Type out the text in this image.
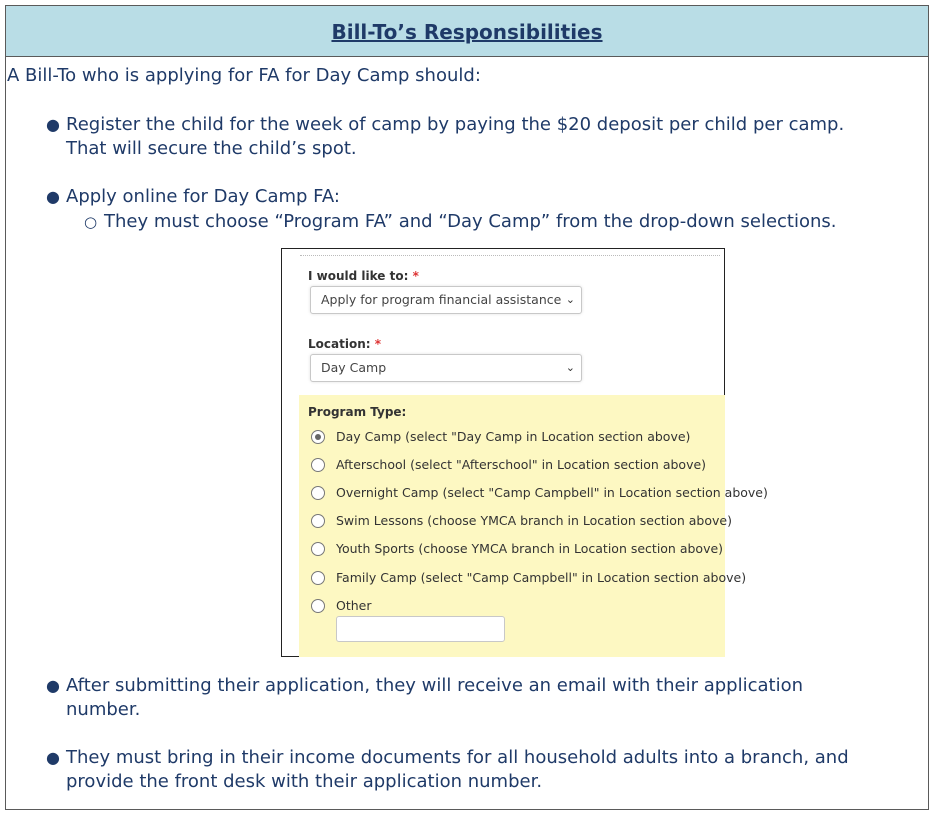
Bill-To’s Responsibilities
A Bill-To who is applying for FA for Day Camp should:
● Register the child for the week of camp by paying the $20 deposit per child per camp.
That will secure the child’s spot.
● Apply online for Day Camp FA:
○ They must choose “Program FA” and “Day Camp” from the drop-down selections.
I would like to: *
Apply for program financial assistance ⌄
Location: *
Day Camp	⌄
Program Type:
Day Camp (select "Day Camp in Location section above)
Afterschool (select "Afterschool" in Location section above)
Overnight Camp (select "Camp Campbell" in Location section above)
Swim Lessons (choose YMCA branch in Location section above)
Youth Sports (choose YMCA branch in Location section above)
Family Camp (select "Camp Campbell" in Location section above)
Other
● After submitting their application, they will receive an email with their application
number.
● They must bring in their income documents for all household adults into a branch, and
provide the front desk with their application number.
